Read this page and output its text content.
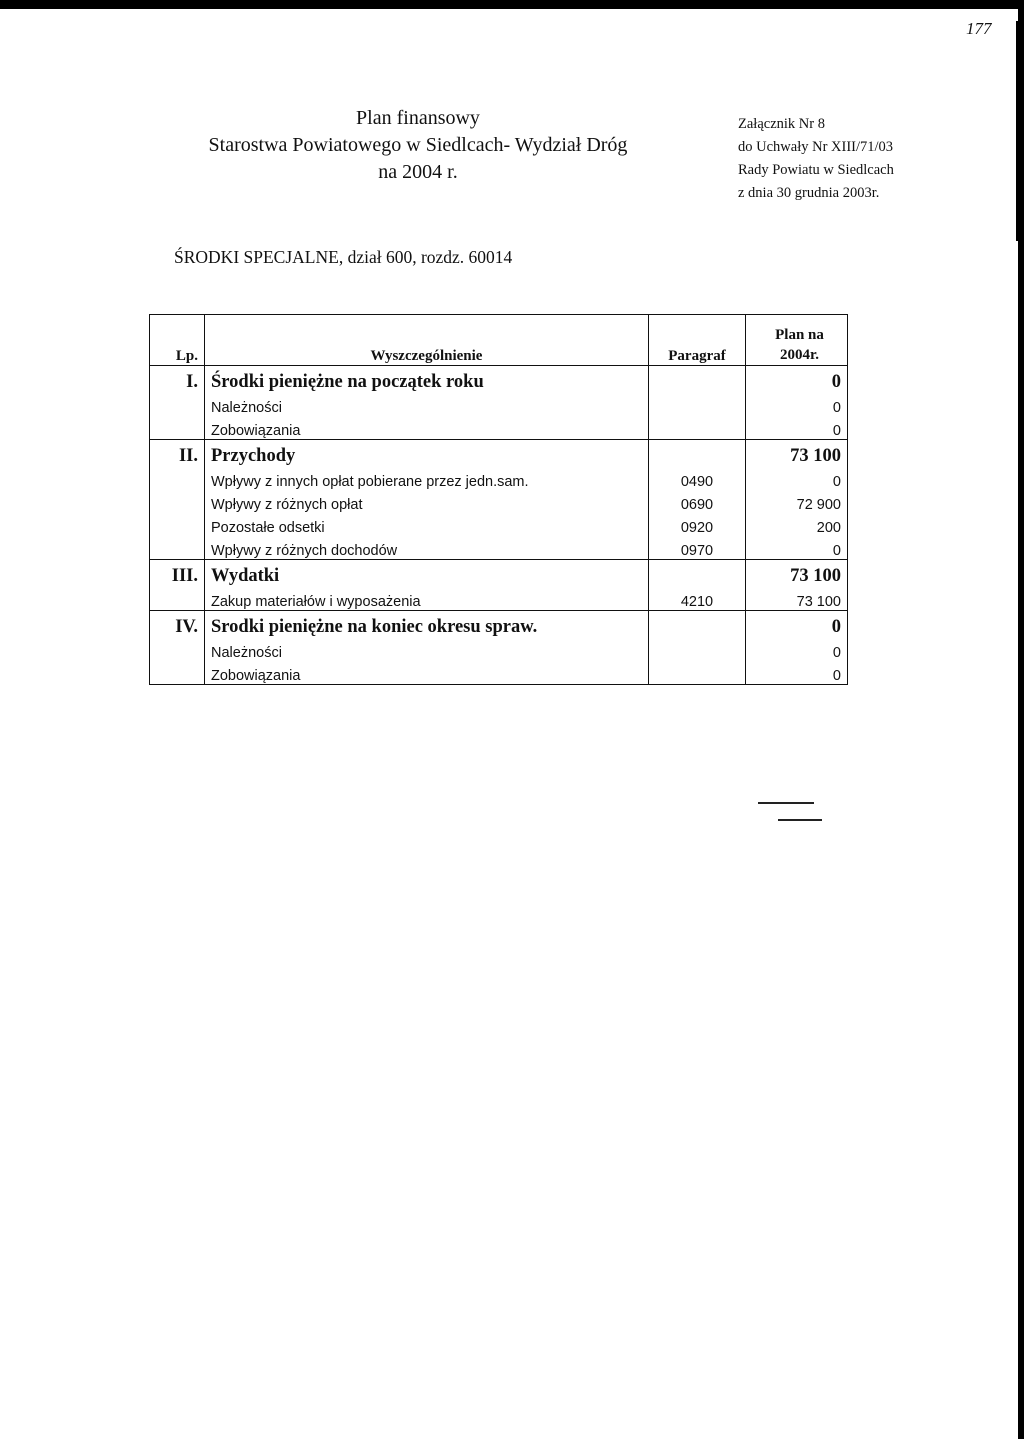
177
Plan finansowy
Starostwa Powiatowego w Siedlcach- Wydział Dróg
na 2004 r.
Załącznik Nr 8
do Uchwały Nr XIII/71/03
Rady Powiatu w Siedlcach
z dnia 30 grudnia 2003r.
ŚRODKI SPECJALNE, dział 600, rozdz. 60014
Lp.	Wyszczególnienie	Paragraf	Plan na
2004r.

I.	Środki pieniężne na początek roku		0
	Należności		0
	Zobowiązania		0
II.	Przychody		73 100
	Wpływy z innych opłat pobierane przez jedn.sam.	0490	0
	Wpływy z różnych opłat	0690	72 900
	Pozostałe odsetki	0920	200
	Wpływy z różnych dochodów	0970	0
III.	Wydatki		73 100
	Zakup materiałów i wyposażenia	4210	73 100
IV.	Srodki pieniężne na koniec okresu spraw.		0
	Należności		0
	Zobowiązania		0
